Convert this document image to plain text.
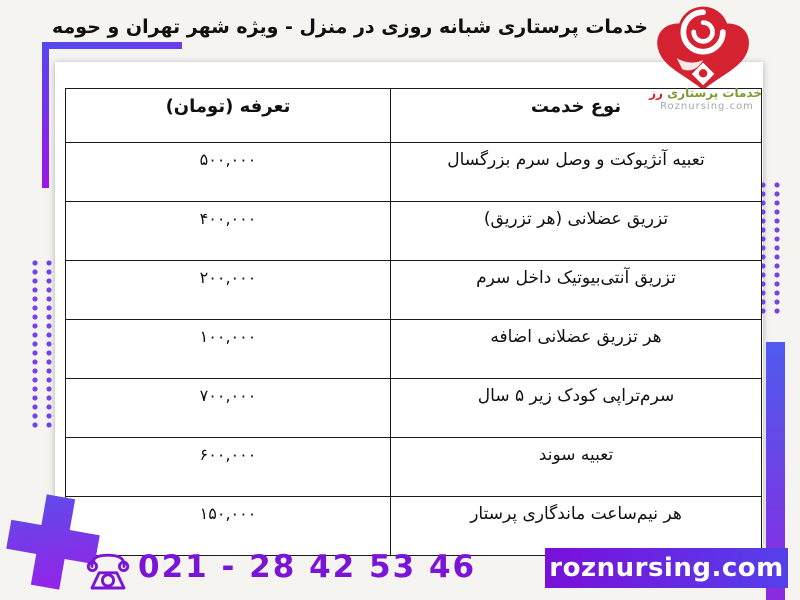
خدمات پرستاری شبانه روزی در منزل - ویژه شهر تهران و حومه
خدمات پرستاری رز
Roznursing.com
تعرفه (تومان)	نوع خدمت
۵۰۰,۰۰۰	تعبیه آنژیوکت و وصل سرم بزرگسال
۴۰۰,۰۰۰	تزریق عضلانی (هر تزریق)
۲۰۰,۰۰۰	تزریق آنتی‌بیوتیک داخل سرم
۱۰۰,۰۰۰	هر تزریق عضلانی اضافه
۷۰۰,۰۰۰	سرم‌تراپی کودک زیر ۵ سال
۶۰۰,۰۰۰	تعبیه سوند
۱۵۰,۰۰۰	هر نیم‌ساعت ماندگاری پرستار
021 - 28 42 53 46	roznursing.com
